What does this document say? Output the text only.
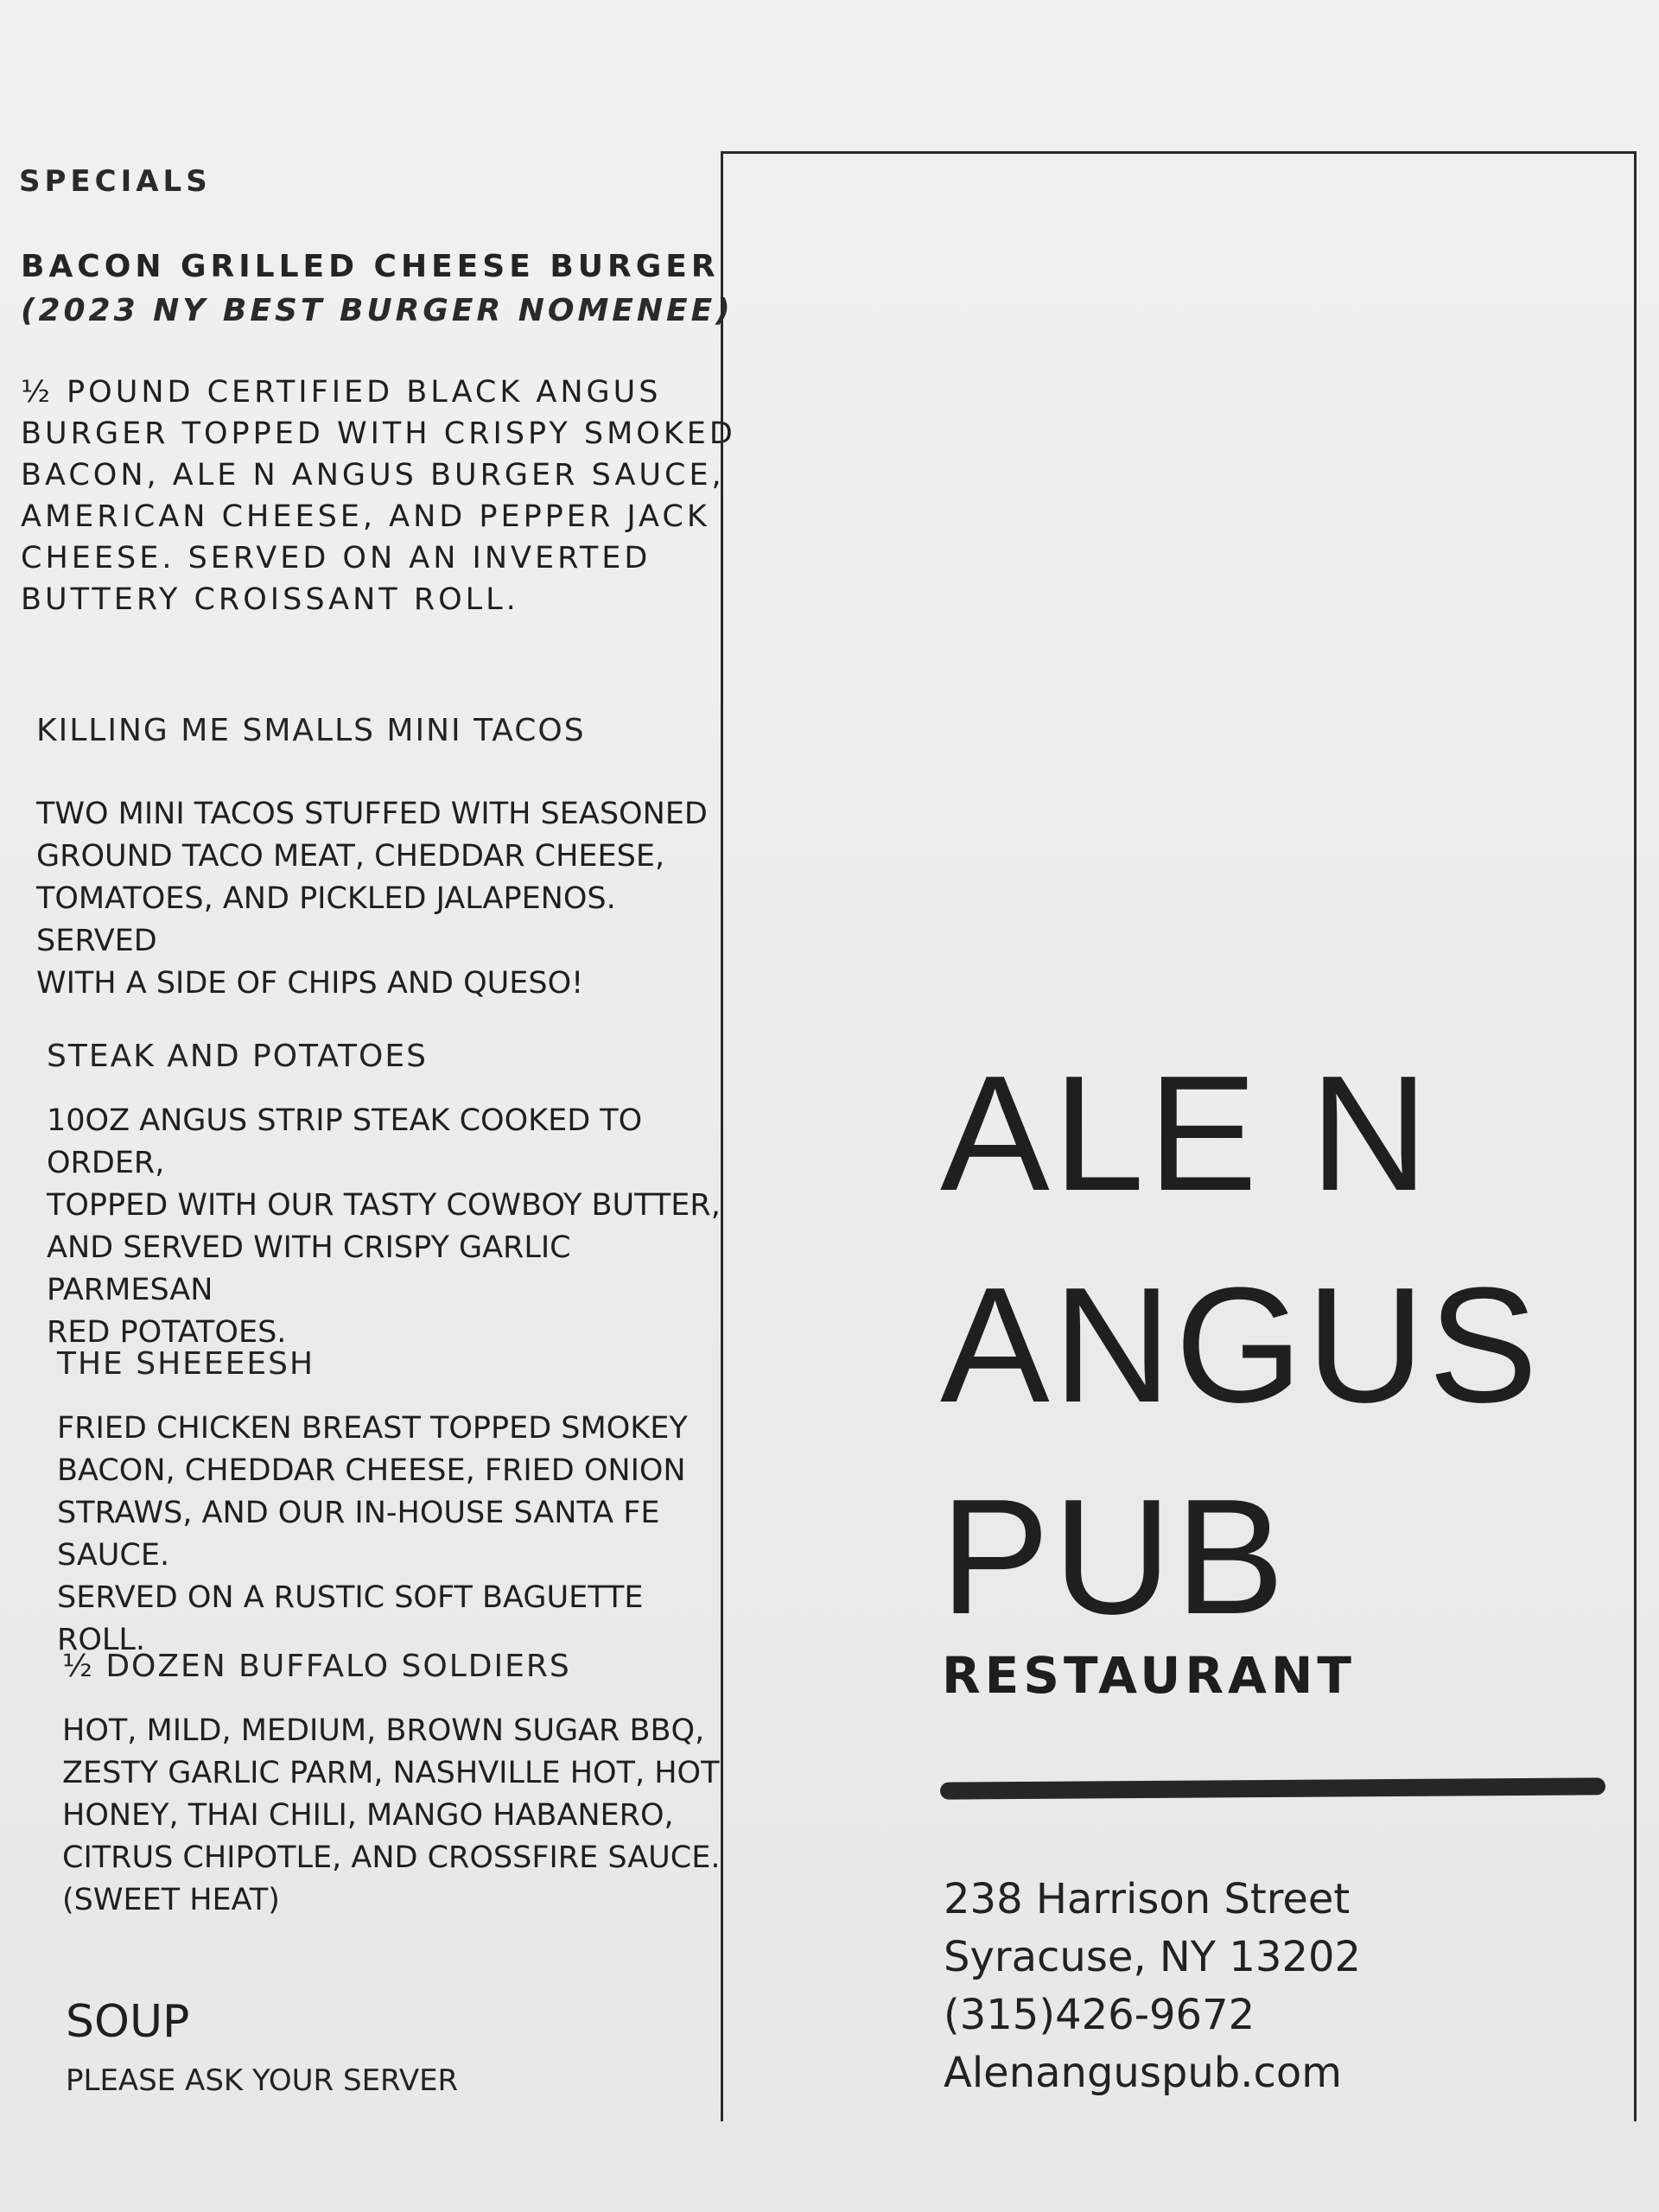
SPECIALS
BACON GRILLED CHEESE BURGER
(2023 NY BEST BURGER NOMENEE)
½ POUND CERTIFIED BLACK ANGUS
BURGER TOPPED WITH CRISPY SMOKED
BACON, ALE N ANGUS BURGER SAUCE,
AMERICAN CHEESE, AND PEPPER JACK
CHEESE. SERVED ON AN INVERTED
BUTTERY CROISSANT ROLL.
KILLING ME SMALLS MINI TACOS
TWO MINI TACOS STUFFED WITH SEASONED
GROUND TACO MEAT, CHEDDAR CHEESE,
TOMATOES, AND PICKLED JALAPENOS. SERVED
WITH A SIDE OF CHIPS AND QUESO!
STEAK AND POTATOES
10OZ ANGUS STRIP STEAK COOKED TO ORDER,
TOPPED WITH OUR TASTY COWBOY BUTTER,
AND SERVED WITH CRISPY GARLIC PARMESAN
RED POTATOES.
THE SHEEEESH
FRIED CHICKEN BREAST TOPPED SMOKEY
BACON, CHEDDAR CHEESE, FRIED ONION
STRAWS, AND OUR IN-HOUSE SANTA FE SAUCE.
SERVED ON A RUSTIC SOFT BAGUETTE ROLL.
½ DOZEN BUFFALO SOLDIERS
HOT, MILD, MEDIUM, BROWN SUGAR BBQ,
ZESTY GARLIC PARM, NASHVILLE HOT, HOT
HONEY, THAI CHILI, MANGO HABANERO,
CITRUS CHIPOTLE, AND CROSSFIRE SAUCE.
(SWEET HEAT)
SOUP
PLEASE ASK YOUR SERVER
ALE N
ANGUS
PUB
RESTAURANT
238 Harrison Street
Syracuse, NY 13202
(315)426-9672
Alenanguspub.com
